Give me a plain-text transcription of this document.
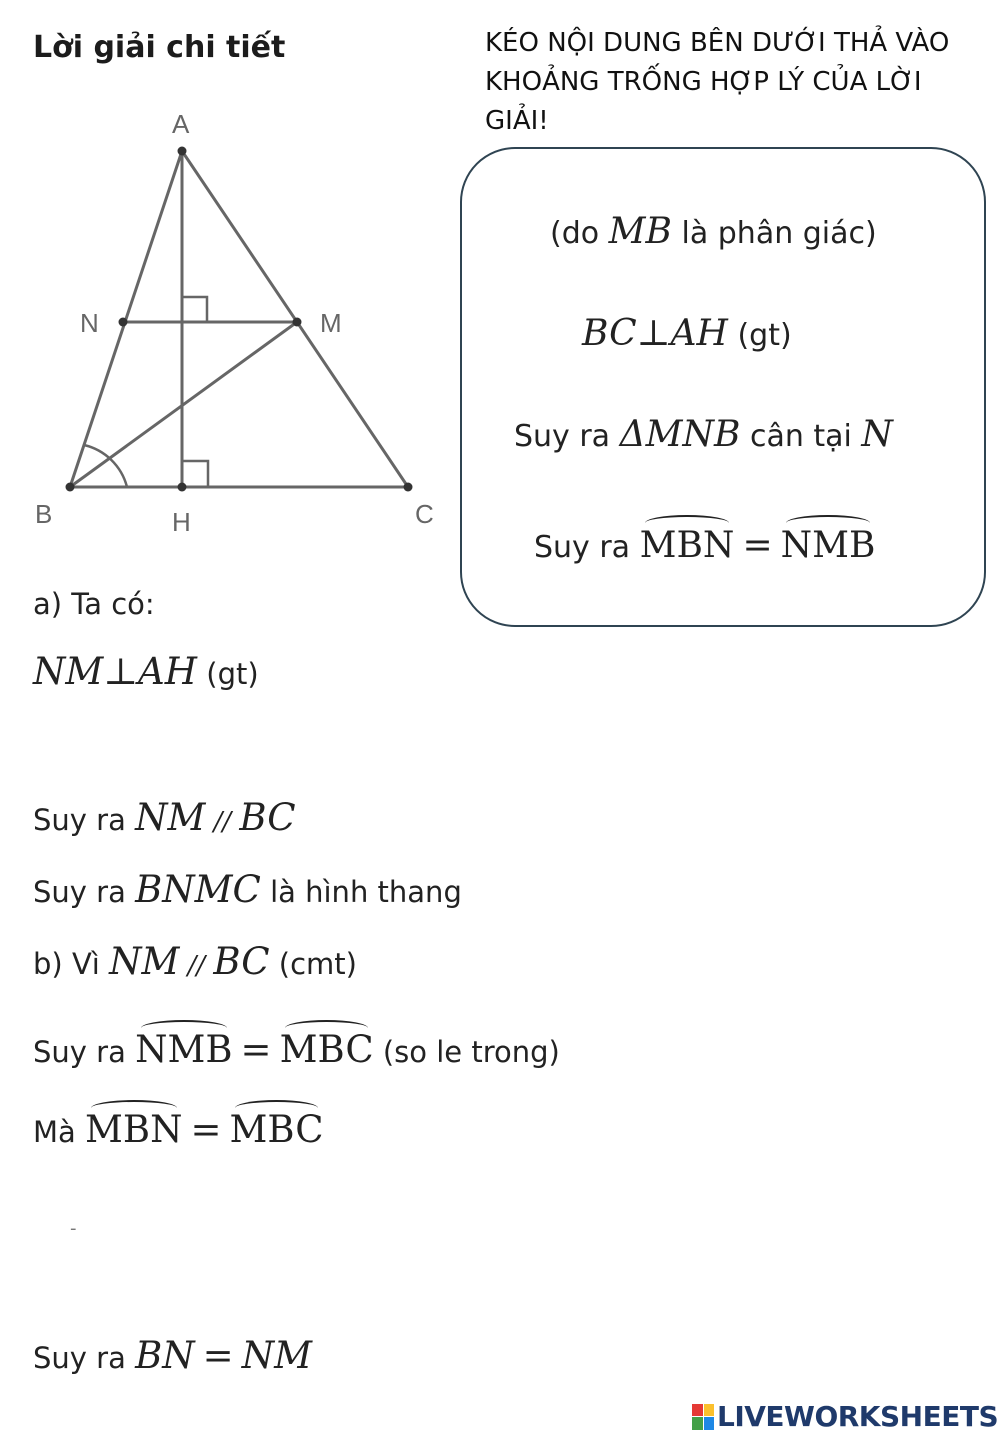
Lời giải chi tiết	KÉO NỘI DUNG BÊN DƯỚI THẢ VÀO KHOẢNG TRỐNG HỢP LÝ CỦA LỜI GIẢI!
A
B	C
H
N	M
(do MB là phân giác)
BC⊥AH (gt)
Suy ra ΔMNB cân tại N
Suy ra MBN = NMB
a) Ta có:
NM⊥AH (gt)
Suy ra NM // BC
Suy ra BNMC là hình thang
b) Vì NM // BC (cmt)
Suy ra NMB = MBC (so le trong)
Mà MBN = MBC
-
Suy ra BN = NM
LIVEWORKSHEETS
